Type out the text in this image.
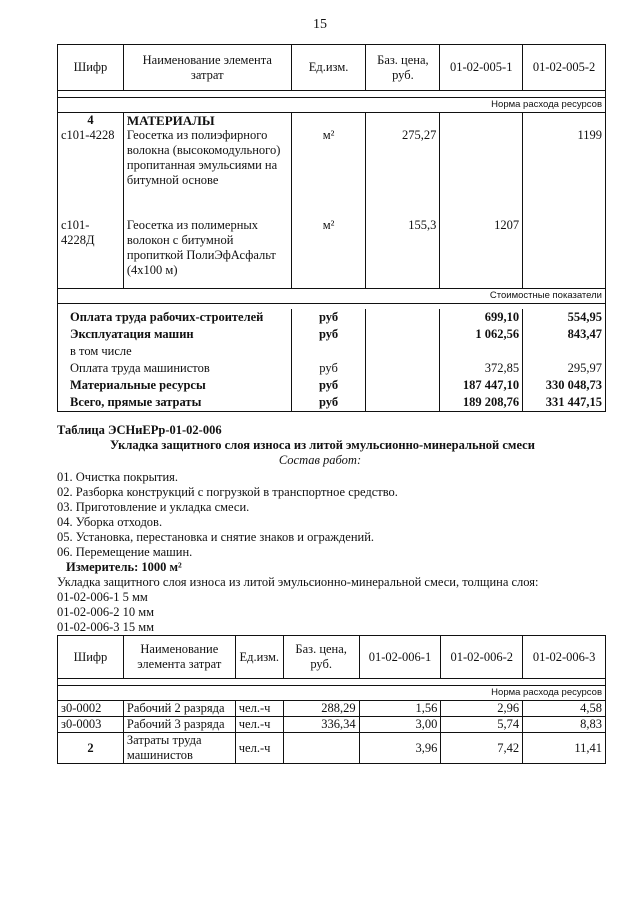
15
Шифр	Наименование элемента затрат	Ед.изм.	Баз. цена, руб.	01-02-005-1	01-02-005-2

Норма расхода ресурсов					
4	МАТЕРИАЛЫ				
с101-4228	Геосетка из полиэфирного волокна (высокомодульного) пропитанная эмульсиями на битумной основе	м²	275,27		1199
с101-4228Д	Геосетка из полимерных волокон с битумной пропиткой ПолиЭфАсфальт (4х100 м)	м²	155,3	1207	
Стоимостные показатели					

Оплата труда рабочих-строителей		руб		699,10	554,95
Эксплуатация машин		руб		1 062,56	843,47
в том числе					
Оплата труда машинистов		руб		372,85	295,97
Материальные ресурсы		руб		187 447,10	330 048,73
Всего, прямые затраты		руб		189 208,76	331 447,15
Таблица ЭСНиЕРр-01-02-006
Укладка защитного слоя износа из литой эмульсионно-минеральной смеси
Состав работ:
01. Очистка покрытия.
02. Разборка конструкций с погрузкой в транспортное средство.
03. Приготовление и укладка смеси.
04. Уборка отходов.
05. Установка, перестановка и снятие знаков и ограждений.
06. Перемещение машин.
Измеритель: 1000 м²
Укладка защитного слоя износа из литой эмульсионно-минеральной смеси, толщина слоя:
01-02-006-1 5 мм
01-02-006-2 10 мм
01-02-006-3 15 мм
Шифр	Наименование элемента затрат	Ед.изм.	Баз. цена, руб.	01-02-006-1	01-02-006-2	01-02-006-3

Норма расхода ресурсов						
з0-0002	Рабочий 2 разряда	чел.-ч	288,29	1,56	2,96	4,58
з0-0003	Рабочий 3 разряда	чел.-ч	336,34	3,00	5,74	8,83
2	Затраты труда машинистов	чел.-ч		3,96	7,42	11,41
